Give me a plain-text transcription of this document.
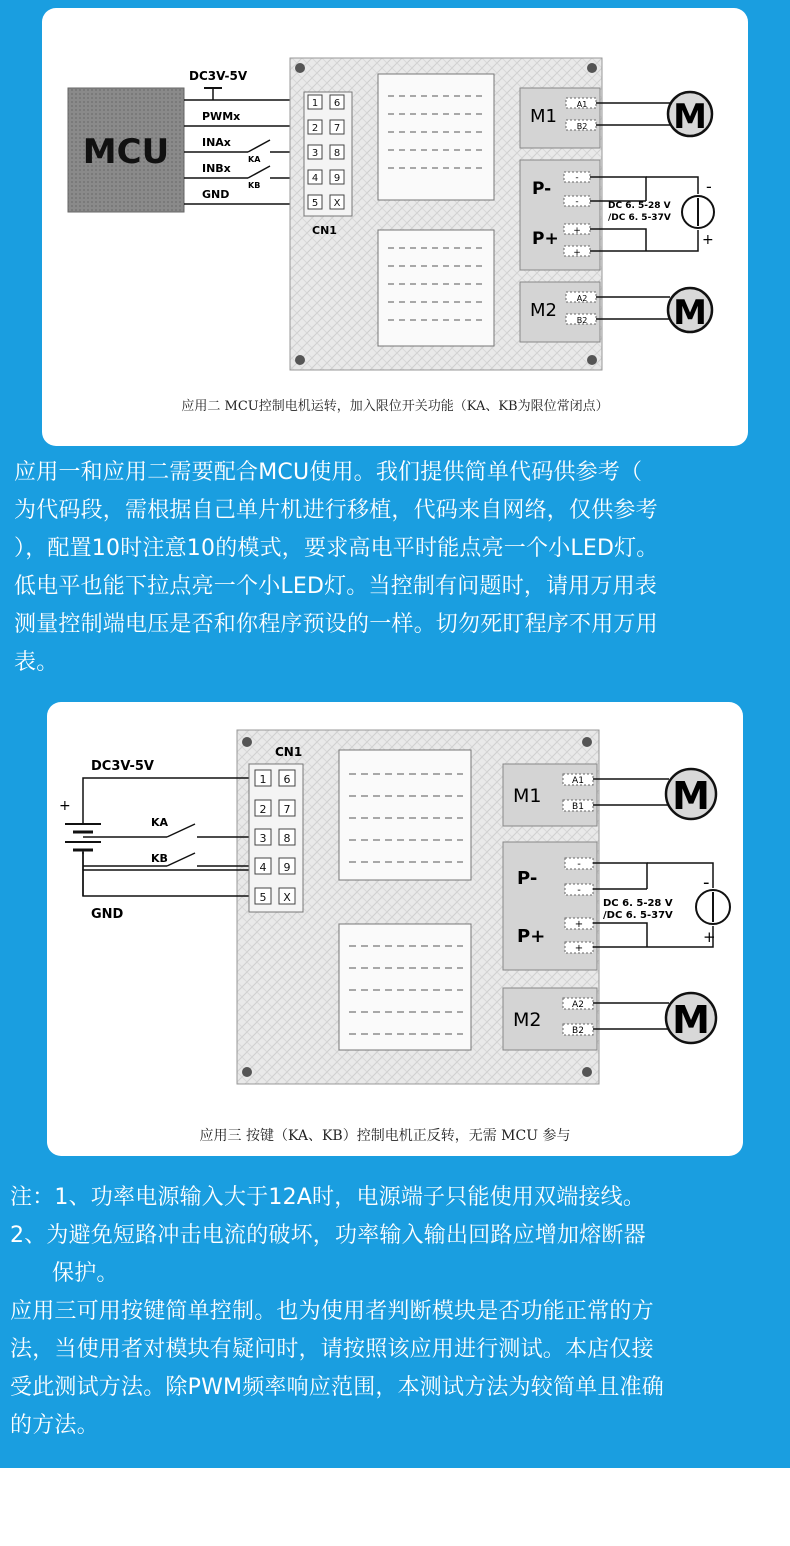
MCU
DC3V-5V
PWMx
INAx
KA
INBx
KB
GND
1 6
2 7
3 8
4 9
5 X
CN1
M1
A1
B2	M
P-
P+
-
-
+
+
-
+
DC 6. 5-28 V
/DC 6. 5-37V
M2
A2
B2	M
应用二 MCU控制电机运转，加入限位开关功能（KA、KB为限位常闭点）

应用一和应用二需要配合MCU使用。我们提供简单代码供参考（

为代码段，需根据自己单片机进行移植，代码来自网络，仅供参考

），配置10时注意10的模式，要求高电平时能点亮一个小LED灯。

低电平也能下拉点亮一个小LED灯。当控制有问题时，请用万用表

测量控制端电压是否和你程序预设的一样。切勿死盯程序不用万用

表。

DC3V-5V
+
KA
KB
GND
CN1
1 6
2 7
3 8
4 9
5 X
M1
A1
B1 M
P-
P+
-
-
+
+
-
+
DC 6. 5-28 V
/DC 6. 5-37V
M2
A2
B2 M
应用三 按键（KA、KB）控制电机正反转，无需 MCU 参与

注：1、功率电源输入大于12A时，电源端子只能使用双端接线。

2、为避免短路冲击电流的破坏，功率输入输出回路应增加熔断器

保护。

应用三可用按键简单控制。也为使用者判断模块是否功能正常的方

法，当使用者对模块有疑问时，请按照该应用进行测试。本店仅接

受此测试方法。除PWM频率响应范围，本测试方法为较简单且准确

的方法。
